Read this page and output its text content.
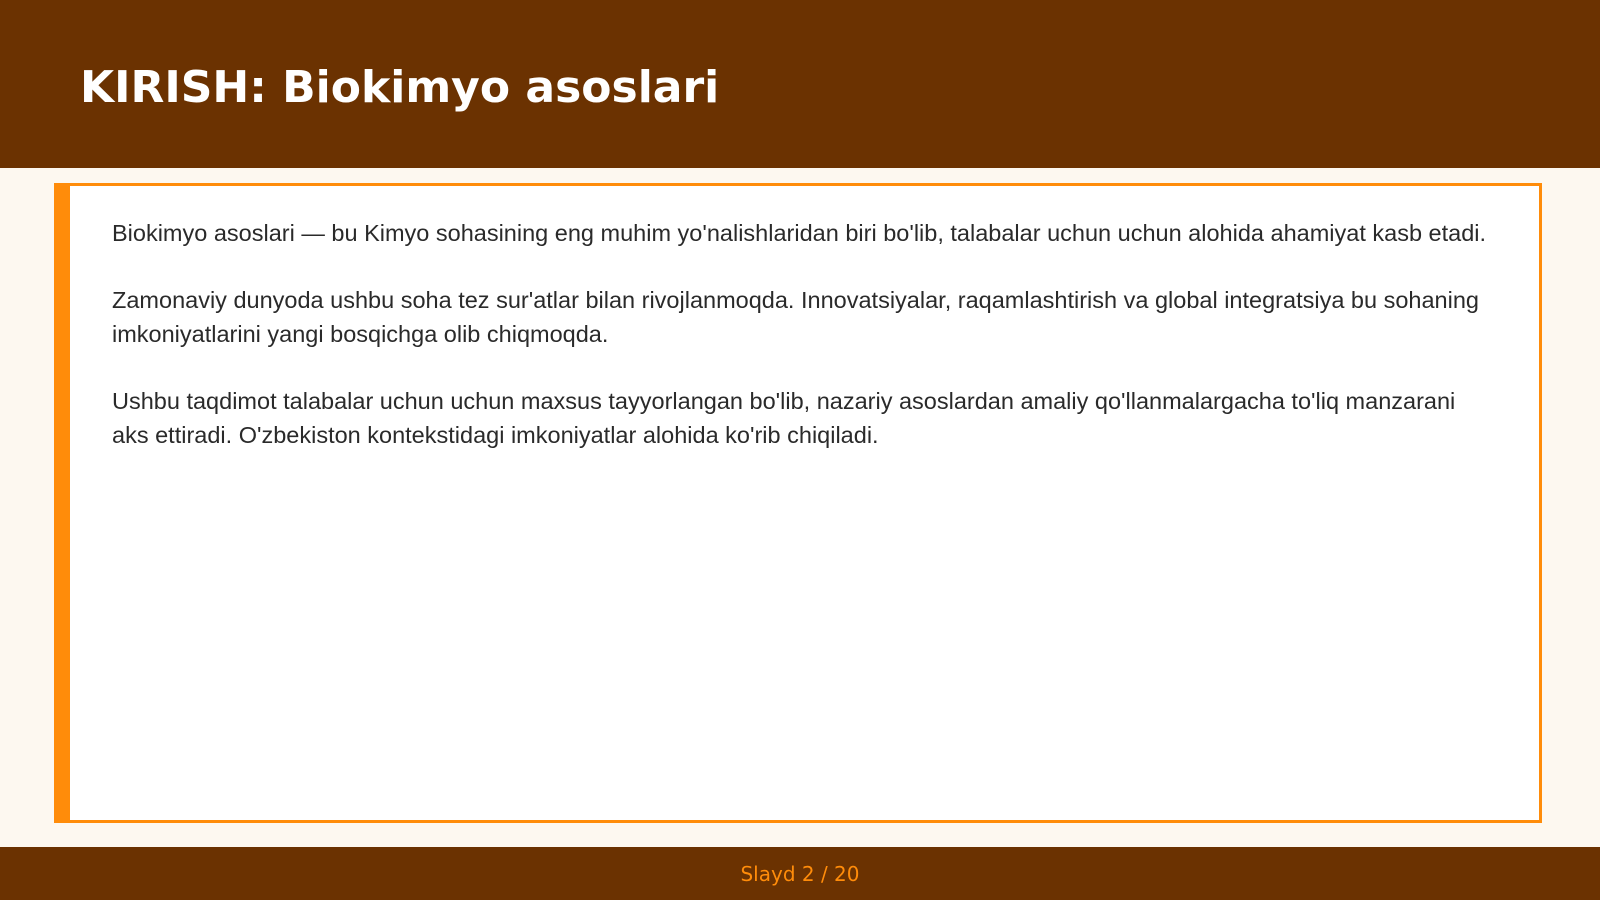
KIRISH: Biokimyo asoslari

Biokimyo asoslari — bu Kimyo sohasining eng muhim yo'nalishlaridan biri bo'lib, talabalar uchun uchun alohida ahamiyat kasb etadi.

Zamonaviy dunyoda ushbu soha tez sur'atlar bilan rivojlanmoqda. Innovatsiyalar, raqamlashtirish va global integratsiya bu sohaning imkoniyatlarini yangi bosqichga olib chiqmoqda.

Ushbu taqdimot talabalar uchun uchun maxsus tayyorlangan bo'lib, nazariy asoslardan amaliy qo'llanmalargacha to'liq manzarani aks ettiradi. O'zbekiston kontekstidagi imkoniyatlar alohida ko'rib chiqiladi.

Slayd 2 / 20
